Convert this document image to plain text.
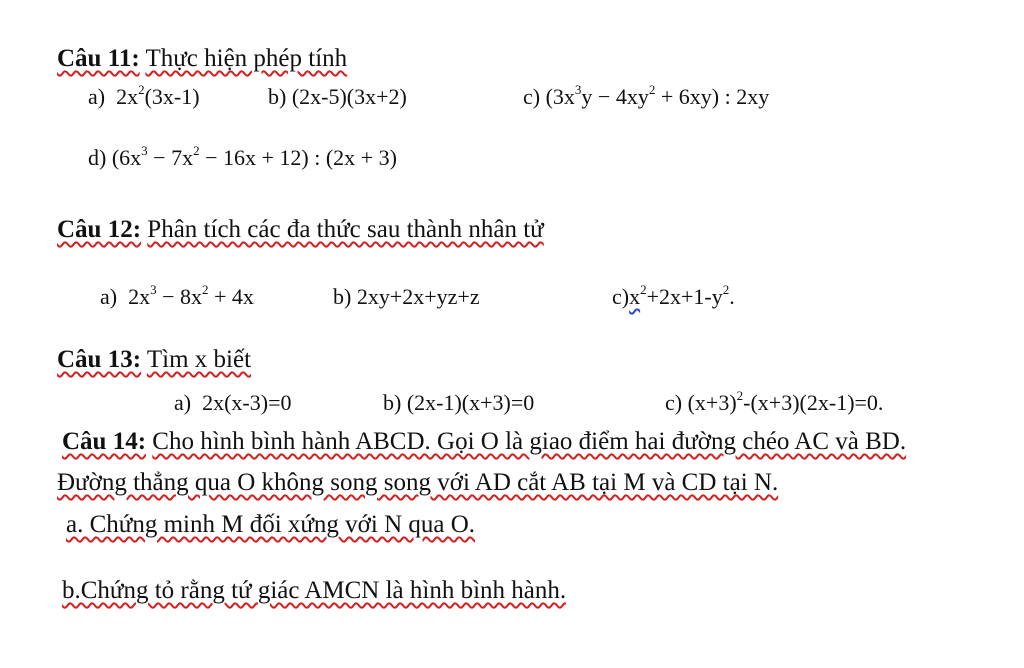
Câu 11: Thực hiện phép tính
a) $2x^2(3x-1)$	b) (2x-5)(3x+2)	c) $(3x^3y - 4xy^2 + 6xy)$ : 2xy
d) $(6x^3 - 7x^2 - 16x + 12)$ : (2x + 3)
Câu 12: Phân tích các đa thức sau thành nhân tử
a) $2x^3 - 8x^2 + 4x$	b) 2xy+2x+yz+z	$c)x^2+2x+1-y^2$.
Câu 13: Tìm x biết
a) 2x(x-3)=0	b) (2x-1)(x+3)=0	c) $(x+3)^2-(x+3)(2x-1)=0$.
Câu 14: Cho hình bình hành ABCD. Gọi O là giao điểm hai đường chéo AC và BD.
Đường thẳng qua O không song song với AD cắt AB tại M và CD tại N.
a. Chứng minh M đối xứng với N qua O.
b.Chứng tỏ rằng tứ giác AMCN là hình bình hành.
